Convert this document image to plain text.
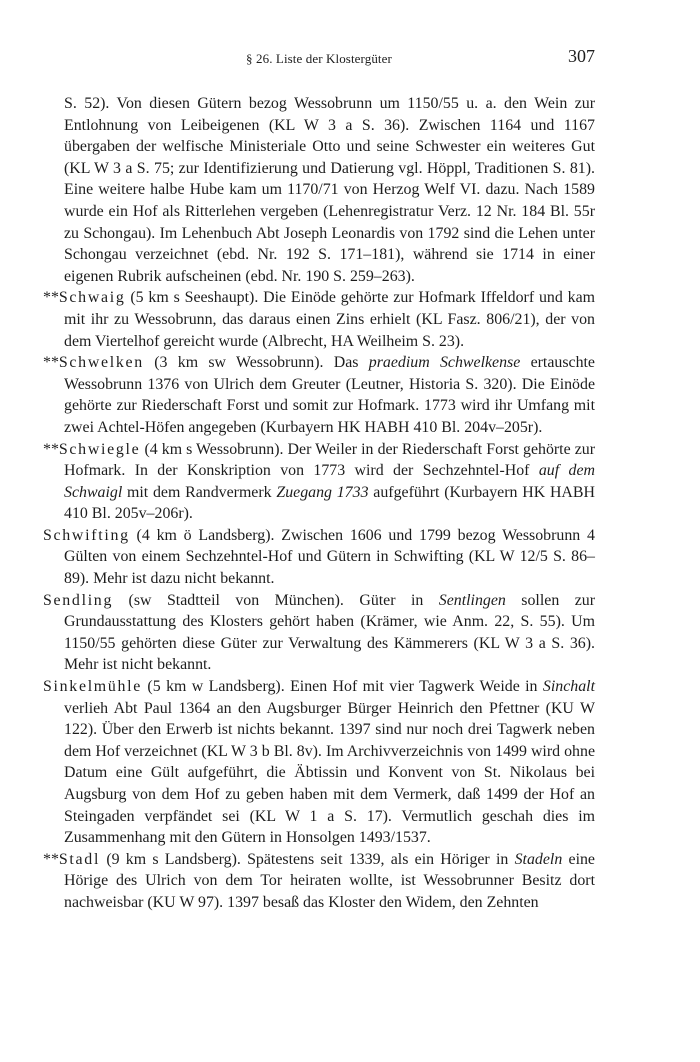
§ 26. Liste der Klostergüter	307

S. 52). Von diesen Gütern bezog Wessobrunn um 1150/55 u. a. den Wein zur Entlohnung von Leibeigenen (KL W 3 a S. 36). Zwischen 1164 und 1167 übergaben der welfische Ministeriale Otto und seine Schwester ein weiteres Gut (KL W 3 a S. 75; zur Identifizierung und Datierung vgl. Höppl, Traditionen S. 81). Eine weitere halbe Hube kam um 1170/71 von Herzog Welf VI. dazu. Nach 1589 wurde ein Hof als Ritterlehen vergeben (Lehenregistratur Verz. 12 Nr. 184 Bl. 55r zu Schongau). Im Lehenbuch Abt Joseph Leonardis von 1792 sind die Lehen unter Schongau verzeichnet (ebd. Nr. 192 S. 171–181), während sie 1714 in einer eigenen Rubrik aufscheinen (ebd. Nr. 190 S. 259–263).

**Schwaig (5 km s Seeshaupt). Die Einöde gehörte zur Hofmark Iffeldorf und kam mit ihr zu Wessobrunn, das daraus einen Zins erhielt (KL Fasz. 806/21), der von dem Viertelhof gereicht wurde (Albrecht, HA Weilheim S. 23).

**Schwelken (3 km sw Wessobrunn). Das praedium Schwelkense ertauschte Wessobrunn 1376 von Ulrich dem Greuter (Leutner, Historia S. 320). Die Einöde gehörte zur Riederschaft Forst und somit zur Hofmark. 1773 wird ihr Umfang mit zwei Achtel-Höfen angegeben (Kurbayern HK HABH 410 Bl. 204v–205r).

**Schwiegle (4 km s Wessobrunn). Der Weiler in der Riederschaft Forst gehörte zur Hofmark. In der Konskription von 1773 wird der Sechzehntel-Hof auf dem Schwaigl mit dem Randvermerk Zuegang 1733 aufgeführt (Kurbayern HK HABH 410 Bl. 205v–206r).

Schwifting (4 km ö Landsberg). Zwischen 1606 und 1799 bezog Wessobrunn 4 Gülten von einem Sechzehntel-Hof und Gütern in Schwifting (KL W 12/5 S. 86–89). Mehr ist dazu nicht bekannt.

Sendling (sw Stadtteil von München). Güter in Sentlingen sollen zur Grundausstattung des Klosters gehört haben (Krämer, wie Anm. 22, S. 55). Um 1150/55 gehörten diese Güter zur Verwaltung des Kämmerers (KL W 3 a S. 36). Mehr ist nicht bekannt.

Sinkelmühle (5 km w Landsberg). Einen Hof mit vier Tagwerk Weide in Sinchalt verlieh Abt Paul 1364 an den Augsburger Bürger Heinrich den Pfettner (KU W 122). Über den Erwerb ist nichts bekannt. 1397 sind nur noch drei Tagwerk neben dem Hof verzeichnet (KL W 3 b Bl. 8v). Im Archivverzeichnis von 1499 wird ohne Datum eine Gült aufgeführt, die Äbtissin und Konvent von St. Nikolaus bei Augsburg von dem Hof zu geben haben mit dem Vermerk, daß 1499 der Hof an Steingaden verpfändet sei (KL W 1 a S. 17). Vermutlich geschah dies im Zusammenhang mit den Gütern in Honsolgen 1493/1537.

**Stadl (9 km s Landsberg). Spätestens seit 1339, als ein Höriger in Stadeln eine Hörige des Ulrich von dem Tor heiraten wollte, ist Wessobrunner Besitz dort nachweisbar (KU W 97). 1397 besaß das Kloster den Widem, den Zehnten
